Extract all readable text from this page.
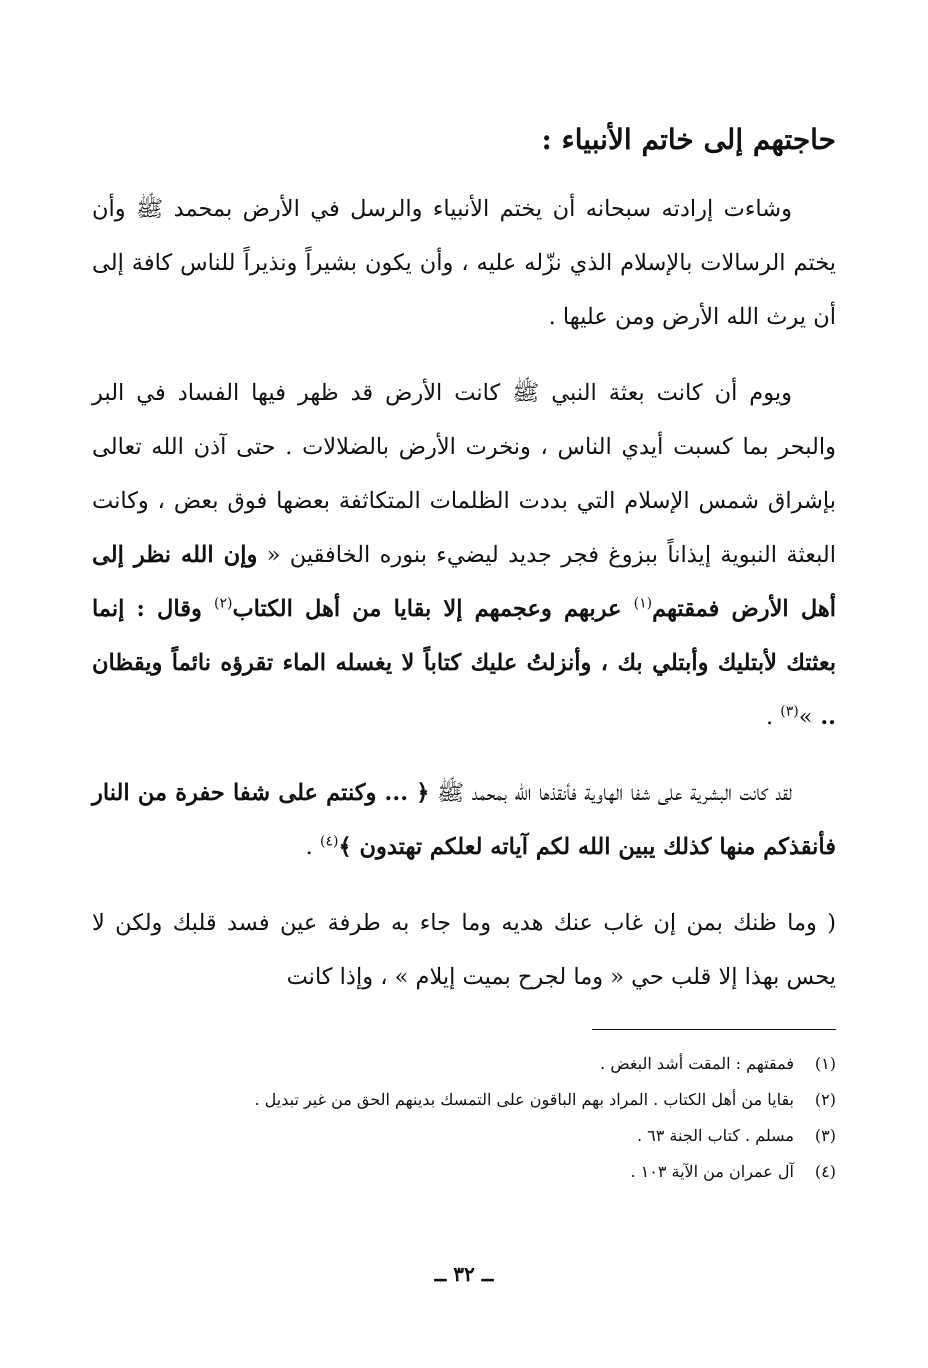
حاجتهم إلى خاتم الأنبياء :

وشاءت إرادته سبحانه أن يختم الأنبياء والرسل في الأرض بمحمد ﷺ وأن يختم الرسالات بالإسلام الذي نزّله عليه ، وأن يكون بشيراً ونذيراً للناس كافة إلى أن يرث الله الأرض ومن عليها .

ويوم أن كانت بعثة النبي ﷺ كانت الأرض قد ظهر فيها الفساد في البر والبحر بما كسبت أيدي الناس ، ونخرت الأرض بالضلالات . حتى آذن الله تعالى بإشراق شمس الإسلام التي بددت الظلمات المتكاثفة بعضها فوق بعض ، وكانت البعثة النبوية إيذاناً ببزوغ فجر جديد ليضيء بنوره الخافقين « وإن الله نظر إلى أهل الأرض فمقتهم$^{(١)}$ عربهم وعجمهم إلا بقايا من أهل الكتاب$^{(٢)}$ وقال : إنما بعثتك لأبتليك وأبتلي بك ، وأنزلتُ عليك كتاباً لا يغسله الماء تقرؤه نائماً ويقظان .. »$^{(٣)}$ .

لقد كانت البشرية على شفا الهاوية فأنقذها الله بمحمد ﷺ ﴿ ... وكنتم على شفا حفرة من النار فأنقذكم منها كذلك يبين الله لكم آياته لعلكم تهتدون ﴾$^{(٤)}$ .

( وما ظنك بمن إن غاب عنك هديه وما جاء به طرفة عين فسد قلبك ولكن لا يحس بهذا إلا قلب حي « وما لجرح بميت إيلام » ، وإذا كانت

(١)
فمقتهم : المقت أشد البغض .
(٢)
بقايا من أهل الكتاب . المراد بهم الباقون على التمسك بدينهم الحق من غير تبديل .
(٣)
مسلم . كتاب الجنة ٦٣ .
(٤)
آل عمران من الآية ١٠٣ .
ــ ٣٢ ــ
